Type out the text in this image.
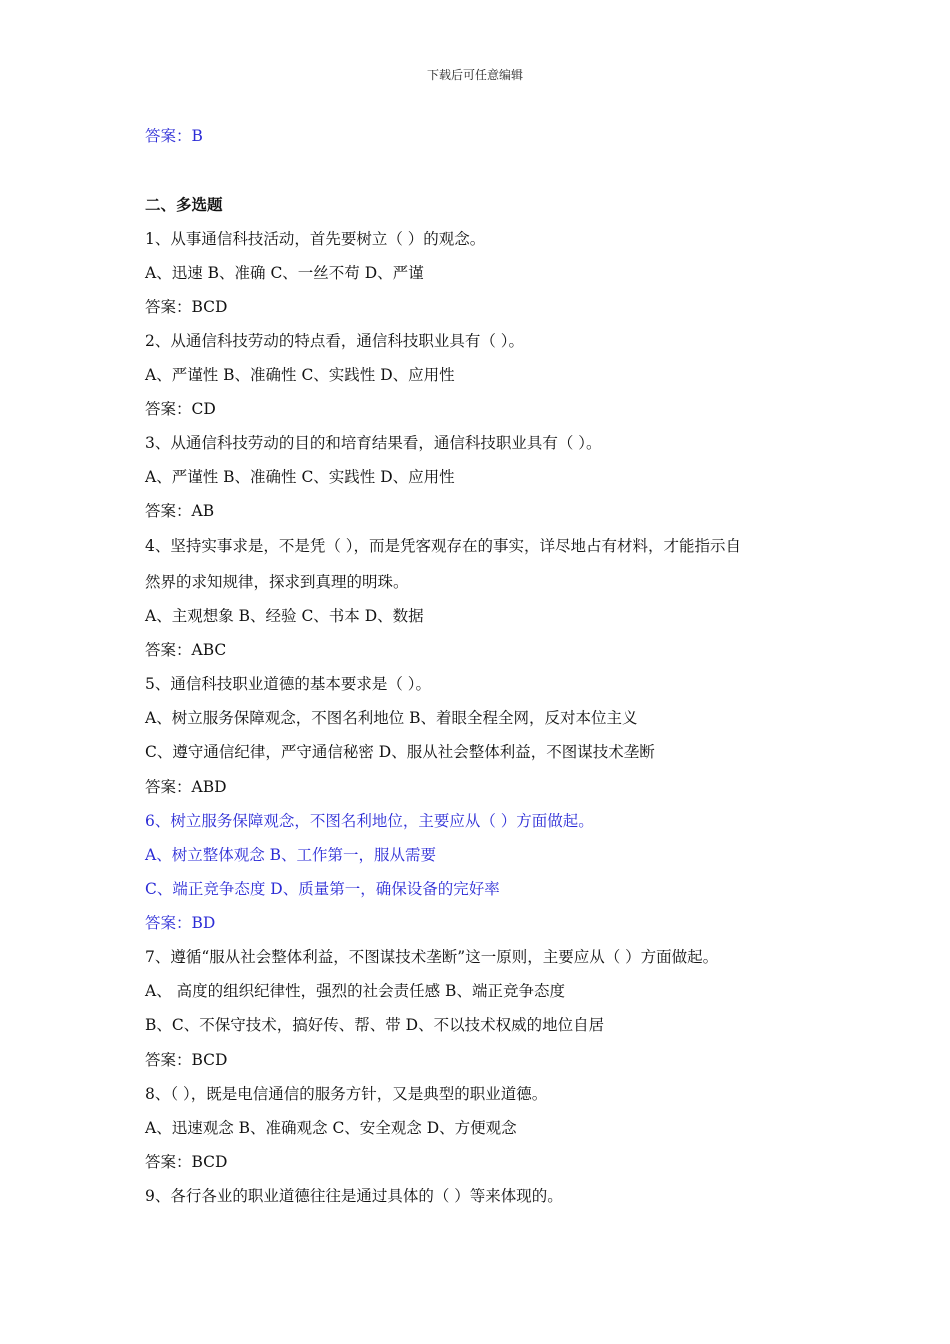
下载后可任意编辑
答案：B
二、多选题
1、从事通信科技活动，首先要树立（ ）的观念。
A、迅速 B、准确 C、一丝不苟 D、严谨
答案：BCD
2、从通信科技劳动的特点看，通信科技职业具有（ ）。
A、严谨性 B、准确性 C、实践性 D、应用性
答案：CD
3、从通信科技劳动的目的和培育结果看，通信科技职业具有（ ）。
A、严谨性 B、准确性 C、实践性 D、应用性
答案：AB
4、坚持实事求是，不是凭（ ），而是凭客观存在的事实，详尽地占有材料，才能指示自
然界的求知规律，探求到真理的明珠。
A、主观想象 B、经验 C、书本 D、数据
答案：ABC
5、通信科技职业道德的基本要求是（ ）。
A、树立服务保障观念，不图名利地位 B、着眼全程全网，反对本位主义
C、遵守通信纪律，严守通信秘密 D、服从社会整体利益，不图谋技术垄断
答案：ABD
6、树立服务保障观念，不图名利地位，主要应从（ ）方面做起。
A、树立整体观念 B、工作第一，服从需要
C、端正竞争态度 D、质量第一，确保设备的完好率
答案：BD
7、遵循“服从社会整体利益，不图谋技术垄断”这一原则，主要应从（ ）方面做起。
A、 高度的组织纪律性，强烈的社会责任感 B、端正竞争态度
B、C、不保守技术，搞好传、帮、带 D、不以技术权威的地位自居
答案：BCD
8、（ ），既是电信通信的服务方针，又是典型的职业道德。
A、迅速观念 B、准确观念 C、安全观念 D、方便观念
答案：BCD
9、各行各业的职业道德往往是通过具体的（ ）等来体现的。
